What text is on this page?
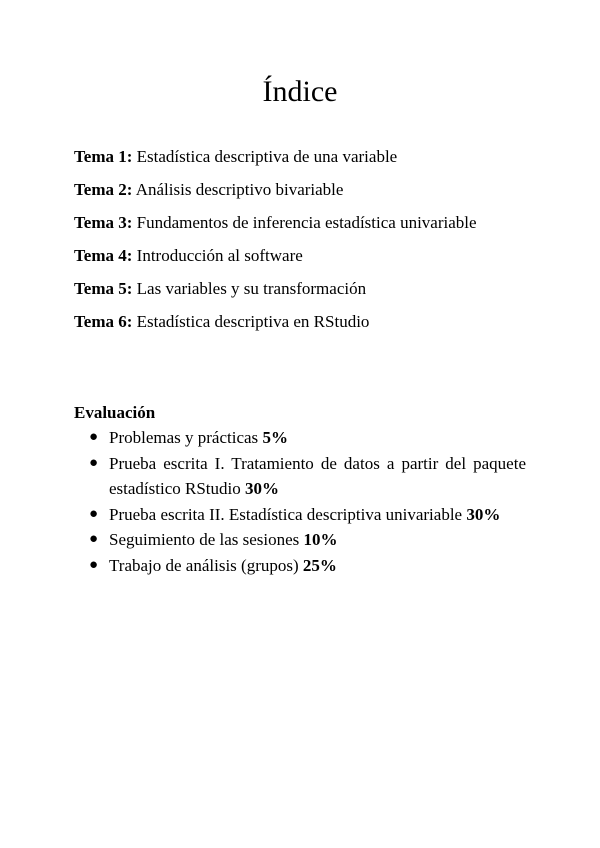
Índice
Tema 1: Estadística descriptiva de una variable
Tema 2: Análisis descriptivo bivariable
Tema 3: Fundamentos de inferencia estadística univariable
Tema 4: Introducción al software
Tema 5: Las variables y su transformación
Tema 6: Estadística descriptiva en RStudio
Evaluación
● Problemas y prácticas 5%
● Prueba escrita I. Tratamiento de datos a partir del paquete estadístico RStudio 30%
● Prueba escrita II. Estadística descriptiva univariable 30%
● Seguimiento de las sesiones 10%
● Trabajo de análisis (grupos) 25%
